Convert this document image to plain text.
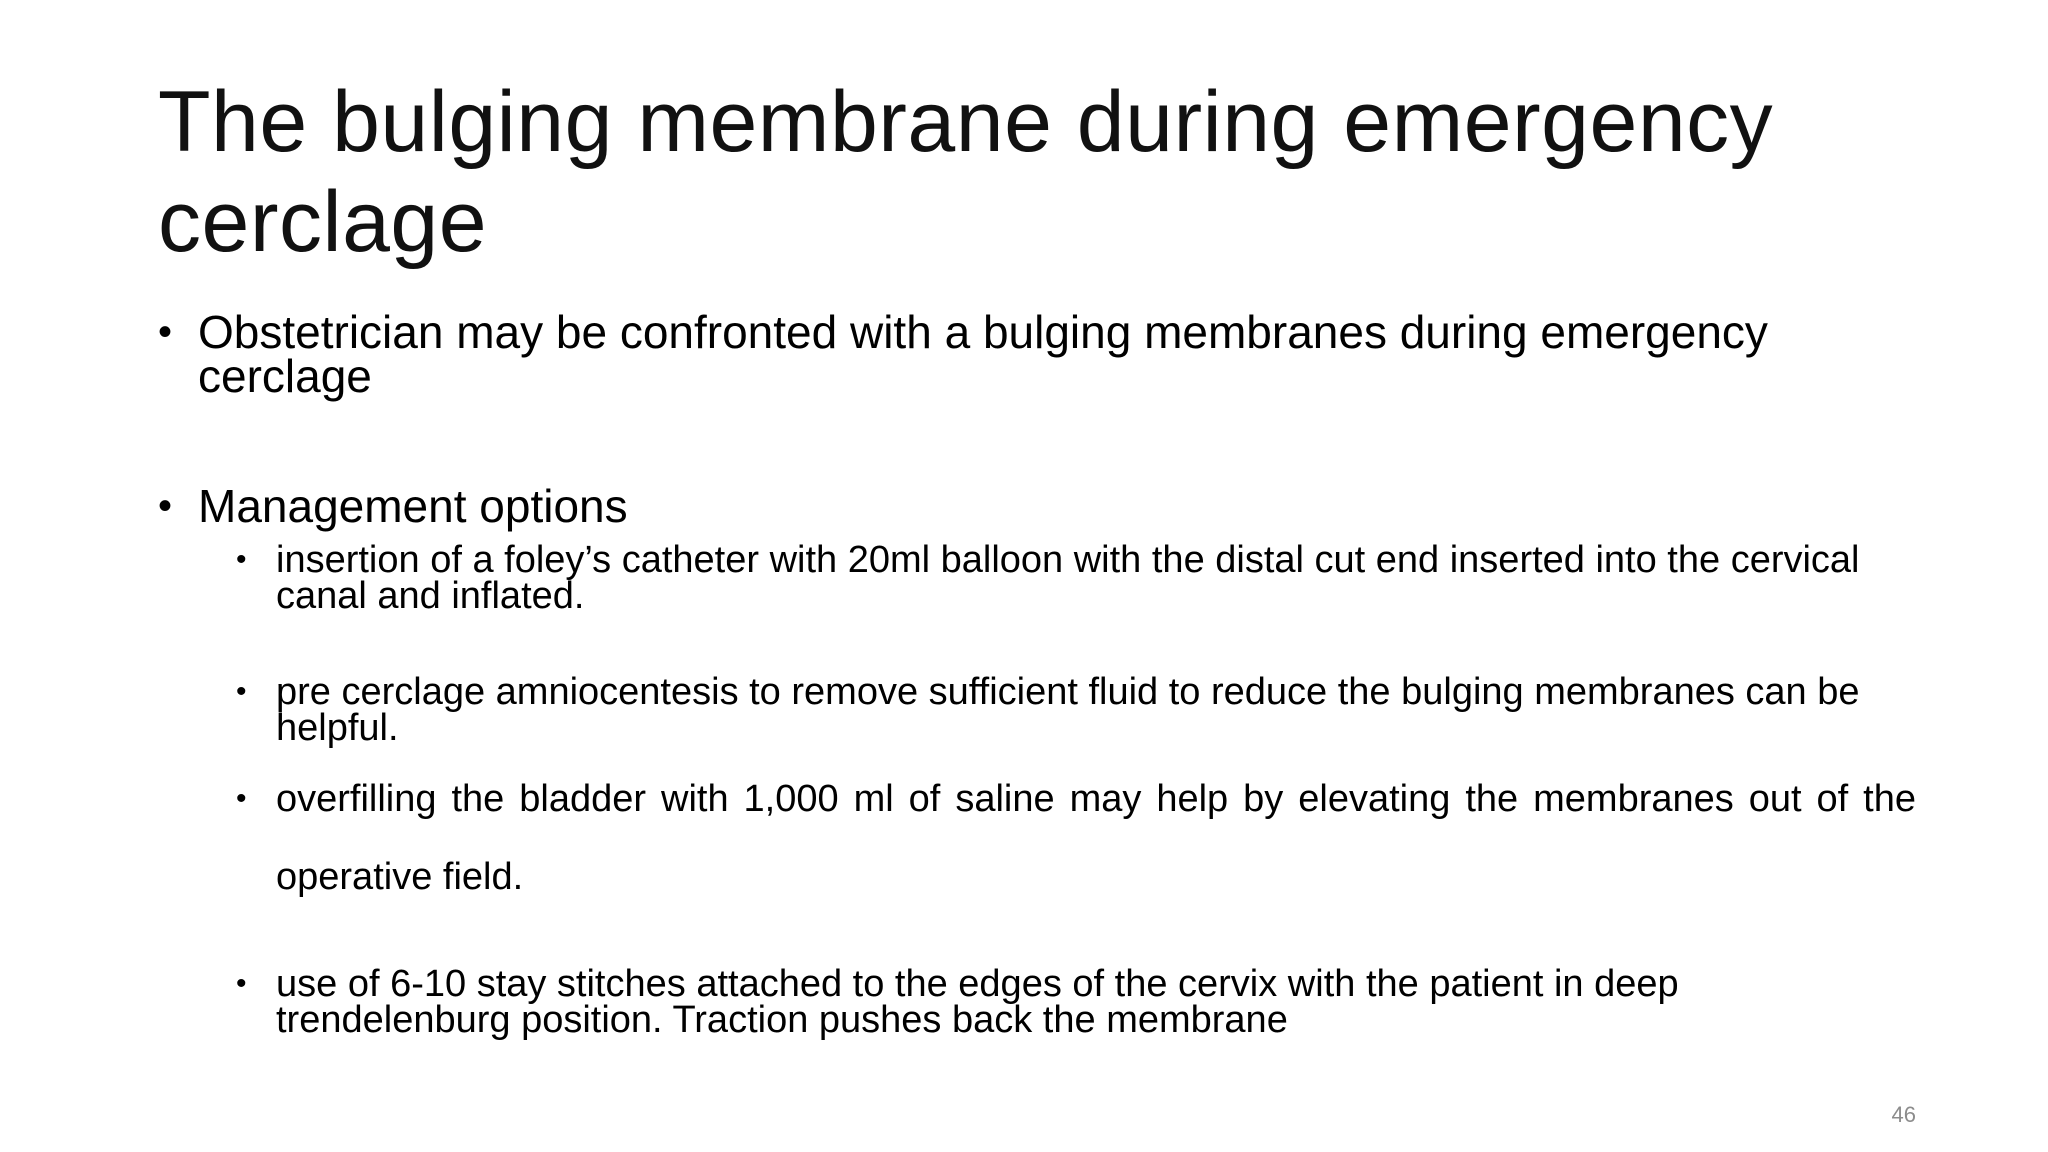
The bulging membrane during emergency cerclage
• Obstetrician may be confronted with a bulging membranes during emergency cerclage
• Management options
• insertion of a foley’s catheter with 20ml balloon with the distal cut end inserted into the cervical canal and inflated.
• pre cerclage amniocentesis to remove sufficient fluid to reduce the bulging membranes can be helpful.
• overfilling the bladder with 1,000 ml of saline may help by elevating the membranes out of the operative field.
• use of 6-10 stay stitches attached to the edges of the cervix with the patient in deep trendelenburg position. Traction pushes back the membrane
46
